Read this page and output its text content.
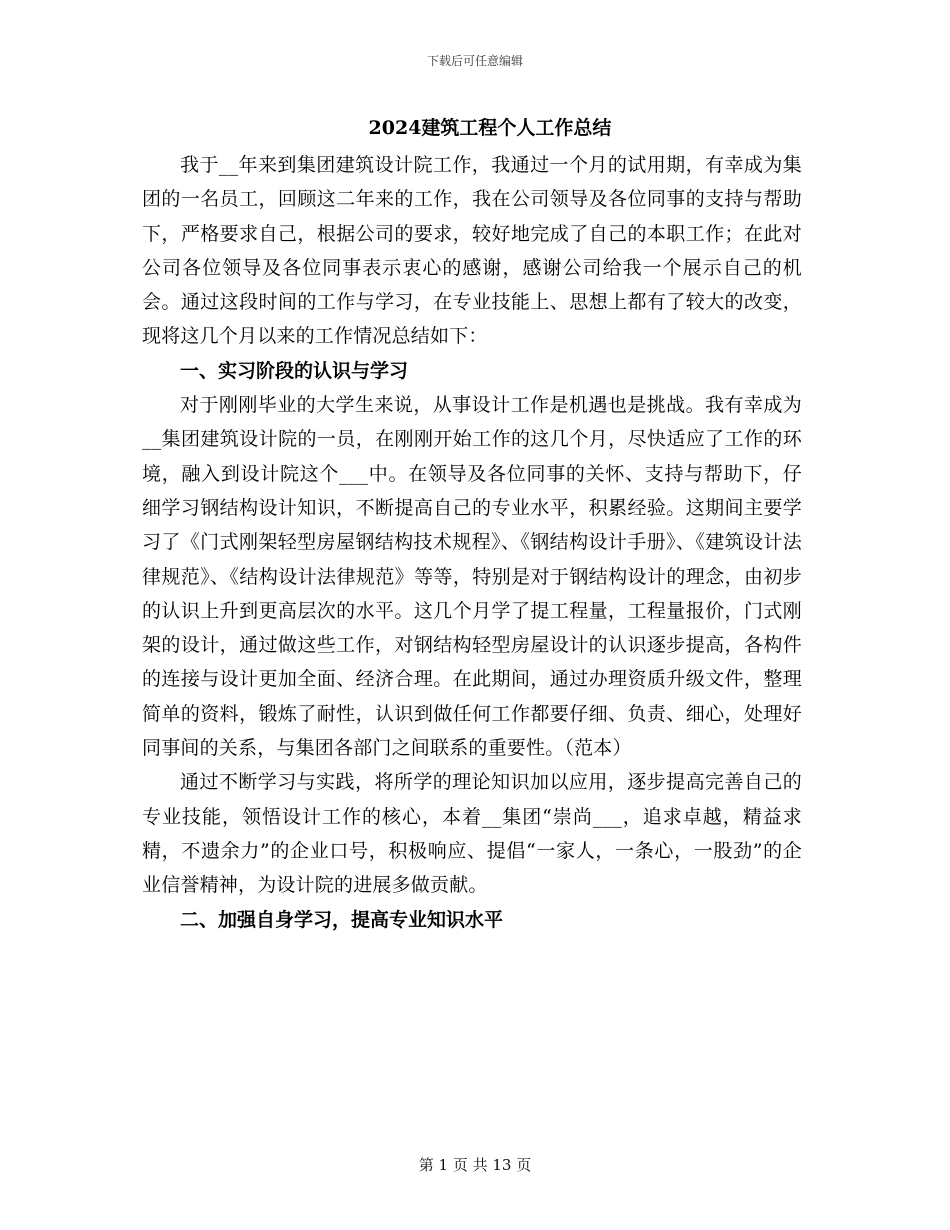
下载后可任意编辑
2024建筑工程个人工作总结

我于__年来到集团建筑设计院工作，我通过一个月的试用期，有幸成为集团的一名员工，回顾这二年来的工作，我在公司领导及各位同事的支持与帮助下，严格要求自己，根据公司的要求，较好地完成了自己的本职工作；在此对公司各位领导及各位同事表示衷心的感谢，感谢公司给我一个展示自己的机会。通过这段时间的工作与学习，在专业技能上、思想上都有了较大的改变，现将这几个月以来的工作情况总结如下：

一、实习阶段的认识与学习

对于刚刚毕业的大学生来说，从事设计工作是机遇也是挑战。我有幸成为__集团建筑设计院的一员，在刚刚开始工作的这几个月，尽快适应了工作的环境，融入到设计院这个___中。在领导及各位同事的关怀、支持与帮助下，仔细学习钢结构设计知识，不断提高自己的专业水平，积累经验。这期间主要学习了《门式刚架轻型房屋钢结构技术规程》、《钢结构设计手册》、《建筑设计法律规范》、《结构设计法律规范》等等，特别是对于钢结构设计的理念，由初步的认识上升到更高层次的水平。这几个月学了提工程量，工程量报价，门式刚架的设计，通过做这些工作，对钢结构轻型房屋设计的认识逐步提高，各构件的连接与设计更加全面、经济合理。在此期间，通过办理资质升级文件，整理简单的资料，锻炼了耐性，认识到做任何工作都要仔细、负责、细心，处理好同事间的关系，与集团各部门之间联系的重要性。（范本）

通过不断学习与实践，将所学的理论知识加以应用，逐步提高完善自己的专业技能，领悟设计工作的核心，本着__集团“崇尚___，追求卓越，精益求精，不遗余力”的企业口号，积极响应、提倡“一家人，一条心，一股劲”的企业信誉精神，为设计院的进展多做贡献。

二、加强自身学习，提高专业知识水平

第 1 页 共 13 页
